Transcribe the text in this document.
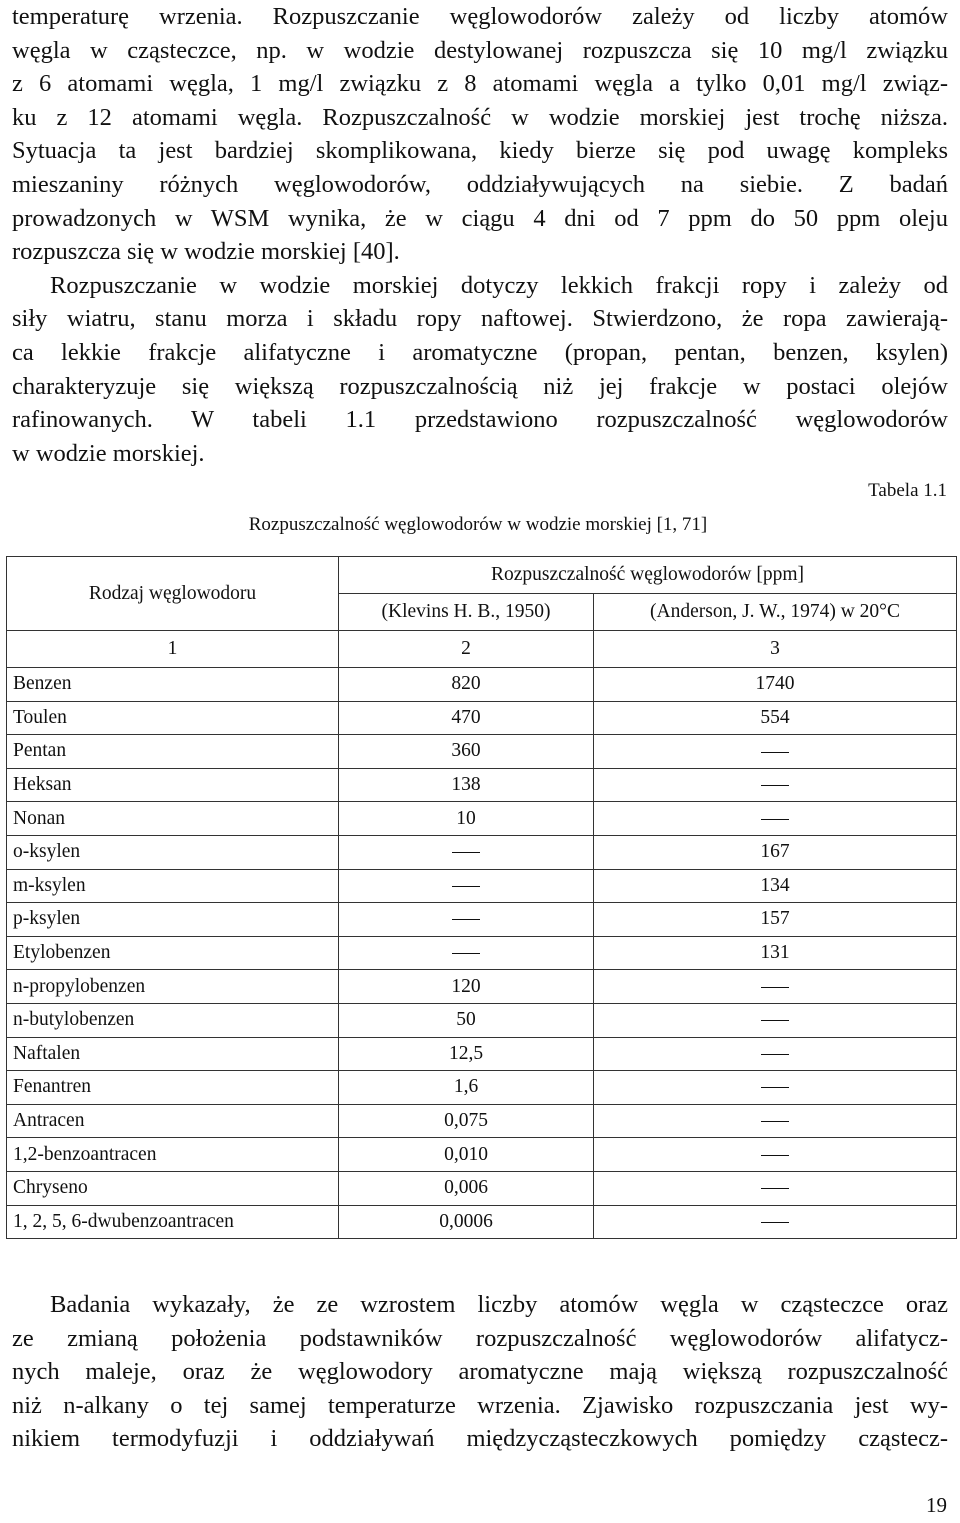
temperaturę wrzenia. Rozpuszczanie węglowodorów zależy od liczby atomów
węgla w cząsteczce, np. w wodzie destylowanej rozpuszcza się 10 mg/l związku
z 6 atomami węgla, 1 mg/l związku z 8 atomami węgla a tylko 0,01 mg/l związ-
ku z 12 atomami węgla. Rozpuszczalność w wodzie morskiej jest trochę niższa.
Sytuacja ta jest bardziej skomplikowana, kiedy bierze się pod uwagę kompleks
mieszaniny różnych węglowodorów, oddziaływujących na siebie. Z badań
prowadzonych w WSM wynika, że w ciągu 4 dni od 7 ppm do 50 ppm oleju
rozpuszcza się w wodzie morskiej [40].
Rozpuszczanie w wodzie morskiej dotyczy lekkich frakcji ropy i zależy od
siły wiatru, stanu morza i składu ropy naftowej. Stwierdzono, że ropa zawierają-
ca lekkie frakcje alifatyczne i aromatyczne (propan, pentan, benzen, ksylen)
charakteryzuje się większą rozpuszczalnością niż jej frakcje w postaci olejów
rafinowanych. W tabeli 1.1 przedstawiono rozpuszczalność węglowodorów
w wodzie morskiej.
Tabela 1.1
Rozpuszczalność węglowodorów w wodzie morskiej [1, 71]
Rodzaj węglowodoru	Rozpuszczalność węglowodorów [ppm]	
	(Klevins H. B., 1950)	(Anderson, J. W., 1974) w 20°C
1	2	3
Benzen	820	1740
Toulen	470	554
Pentan	360	
Heksan	138	
Nonan	10	
o-ksylen		167
m-ksylen		134
p-ksylen		157
Etylobenzen		131
n-propylobenzen	120	
n-butylobenzen	50	
Naftalen	12,5	
Fenantren	1,6	
Antracen	0,075	
1,2-benzoantracen	0,010	
Chryseno	0,006	
1, 2, 5, 6-dwubenzoantracen	0,0006	
Badania wykazały, że ze wzrostem liczby atomów węgla w cząsteczce oraz
ze zmianą położenia podstawników rozpuszczalność węglowodorów alifatycz-
nych maleje, oraz że węglowodory aromatyczne mają większą rozpuszczalność
niż n-alkany o tej samej temperaturze wrzenia. Zjawisko rozpuszczania jest wy-
nikiem termodyfuzji i oddziaływań międzycząsteczkowych pomiędzy cząstecz-
19
